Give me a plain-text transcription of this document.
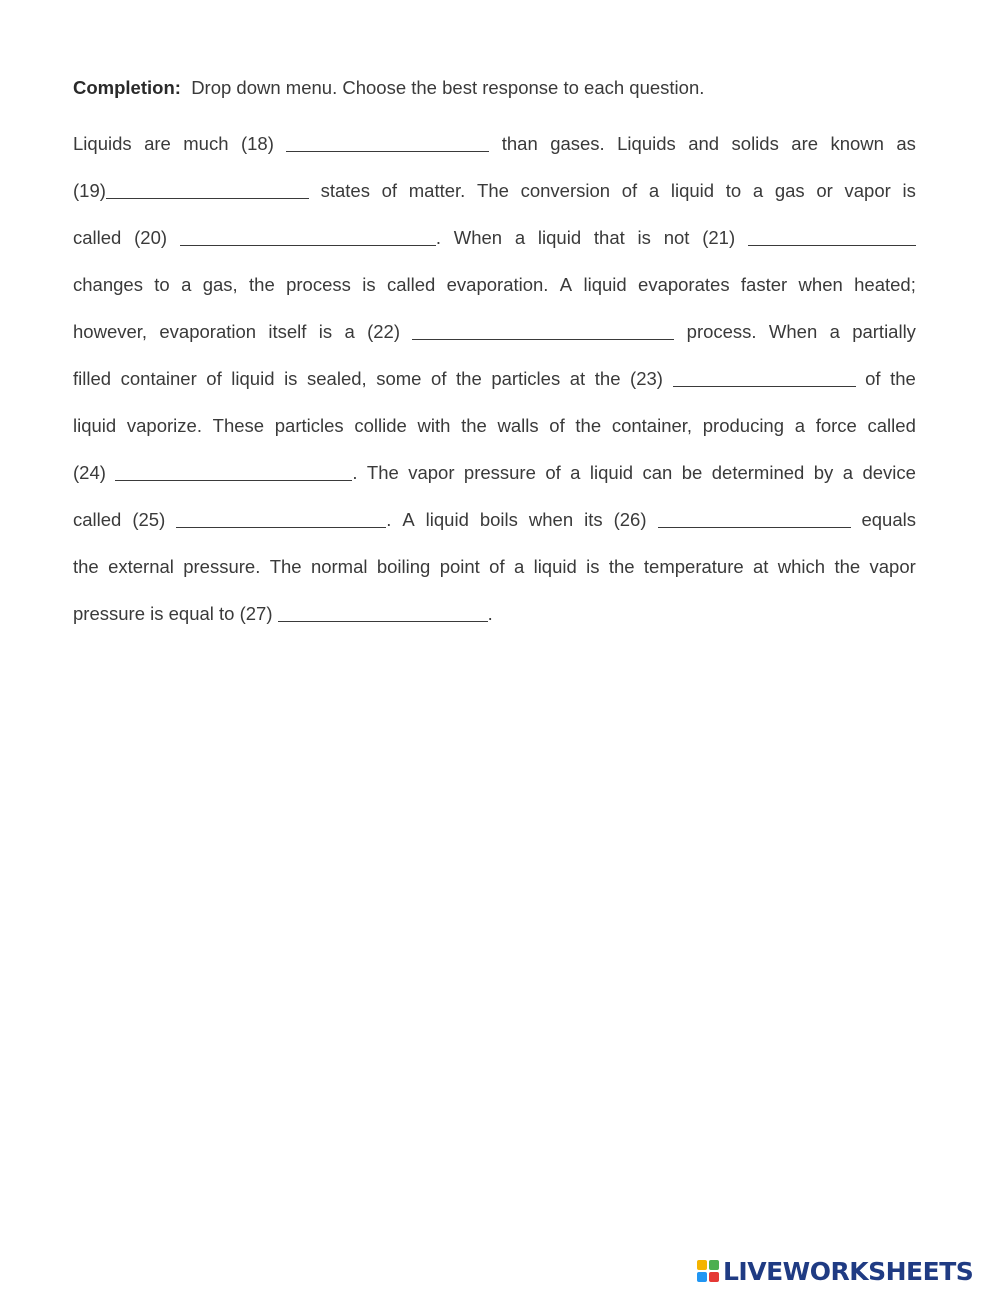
Completion: Drop down menu. Choose the best response to each question.
Liquids are much (18)	than gases. Liquids and solids are known as
(19)	states of matter. The conversion of a liquid to a gas or vapor is
called (20)	. When a liquid that is not (21)
changes to a gas, the process is called evaporation. A liquid evaporates faster when heated;
however, evaporation itself is a (22)	process. When a partially
filled container of liquid is sealed, some of the particles at the (23)	of the
liquid vaporize. These particles collide with the walls of the container, producing a force called
(24)	. The vapor pressure of a liquid can be determined by a device
called (25)	. A liquid boils when its (26)	equals
the external pressure. The normal boiling point of a liquid is the temperature at which the vapor
pressure is equal to (27)
	.
LIVEWORKSHEETS
